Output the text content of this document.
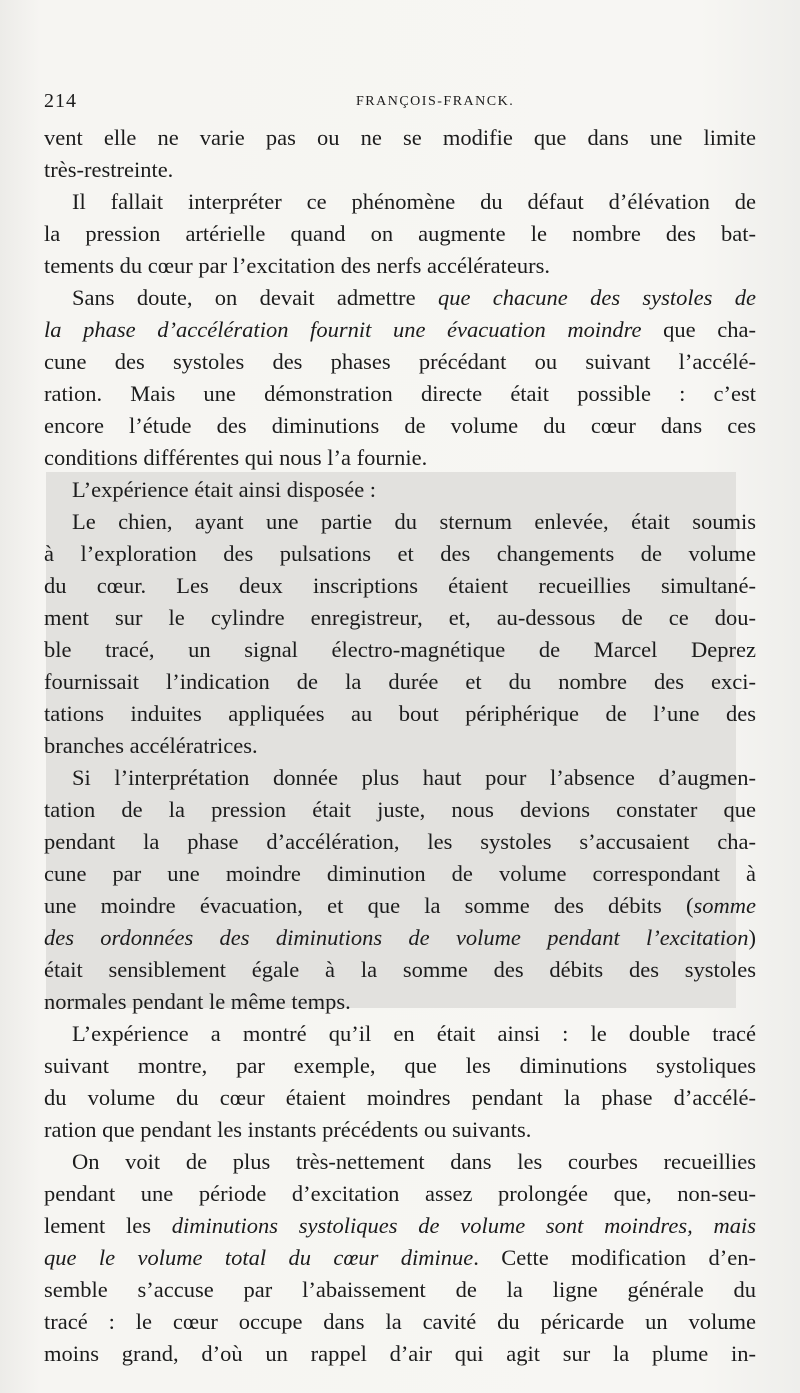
214	FRANÇOIS-FRANCK.
vent elle ne varie pas ou ne se modifie que dans une limite
très-restreinte.
Il fallait interpréter ce phénomène du défaut d’élévation de
la pression artérielle quand on augmente le nombre des bat-
tements du cœur par l’excitation des nerfs accélérateurs.
Sans doute, on devait admettre que chacune des systoles de
la phase d’accélération fournit une évacuation moindre que cha-
cune des systoles des phases précédant ou suivant l’accélé-
ration. Mais une démonstration directe était possible : c’est
encore l’étude des diminutions de volume du cœur dans ces
conditions différentes qui nous l’a fournie.
L’expérience était ainsi disposée :
Le chien, ayant une partie du sternum enlevée, était soumis
à l’exploration des pulsations et des changements de volume
du cœur. Les deux inscriptions étaient recueillies simultané-
ment sur le cylindre enregistreur, et, au-dessous de ce dou-
ble tracé, un signal électro-magnétique de Marcel Deprez
fournissait l’indication de la durée et du nombre des exci-
tations induites appliquées au bout périphérique de l’une des
branches accélératrices.
Si l’interprétation donnée plus haut pour l’absence d’augmen-
tation de la pression était juste, nous devions constater que
pendant la phase d’accélération, les systoles s’accusaient cha-
cune par une moindre diminution de volume correspondant à
une moindre évacuation, et que la somme des débits (somme
des ordonnées des diminutions de volume pendant l’excitation)
était sensiblement égale à la somme des débits des systoles
normales pendant le même temps.
L’expérience a montré qu’il en était ainsi : le double tracé
suivant montre, par exemple, que les diminutions systoliques
du volume du cœur étaient moindres pendant la phase d’accélé-
ration que pendant les instants précédents ou suivants.
On voit de plus très-nettement dans les courbes recueillies
pendant une période d’excitation assez prolongée que, non-seu-
lement les diminutions systoliques de volume sont moindres, mais
que le volume total du cœur diminue. Cette modification d’en-
semble s’accuse par l’abaissement de la ligne générale du
tracé : le cœur occupe dans la cavité du péricarde un volume
moins grand, d’où un rappel d’air qui agit sur la plume in-
